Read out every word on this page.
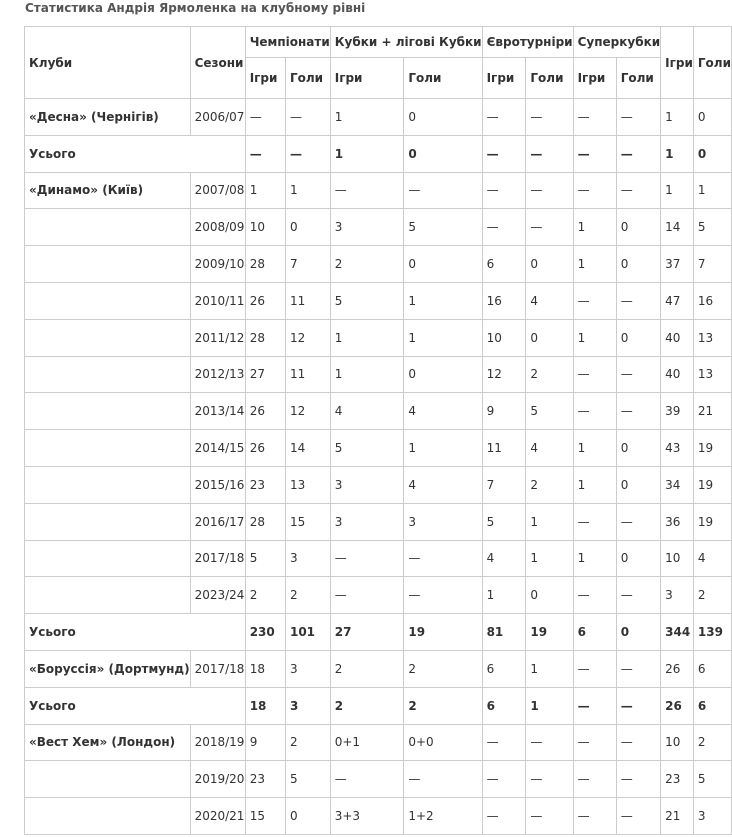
Статистика Андрія Ярмоленка на клубному рівні
Клуби	Сезони	Чемпіонати		Кубки + лігові Кубки		Євротурніри		Суперкубки		Ігри	Голи
		Ігри	Голи	Ігри	Голи	Ігри	Голи	Ігри	Голи		
«Десна» (Чернігів)	2006/07	—	—	1	0	—	—	—	—	1	0
Усього		—	—	1	0	—	—	—	—	1	0
«Динамо» (Київ)	2007/08	1	1	—	—	—	—	—	—	1	1
	2008/09	10	0	3	5	—	—	1	0	14	5
	2009/10	28	7	2	0	6	0	1	0	37	7
	2010/11	26	11	5	1	16	4	—	—	47	16
	2011/12	28	12	1	1	10	0	1	0	40	13
	2012/13	27	11	1	0	12	2	—	—	40	13
	2013/14	26	12	4	4	9	5	—	—	39	21
	2014/15	26	14	5	1	11	4	1	0	43	19
	2015/16	23	13	3	4	7	2	1	0	34	19
	2016/17	28	15	3	3	5	1	—	—	36	19
	2017/18	5	3	—	—	4	1	1	0	10	4
	2023/24	2	2	—	—	1	0	—	—	3	2
Усього		230	101	27	19	81	19	6	0	344	139
«Боруссія» (Дортмунд)	2017/18	18	3	2	2	6	1	—	—	26	6
Усього		18	3	2	2	6	1	—	—	26	6
«Вест Хем» (Лондон)	2018/19	9	2	0+1	0+0	—	—	—	—	10	2
	2019/20	23	5	—	—	—	—	—	—	23	5
	2020/21	15	0	3+3	1+2	—	—	—	—	21	3
